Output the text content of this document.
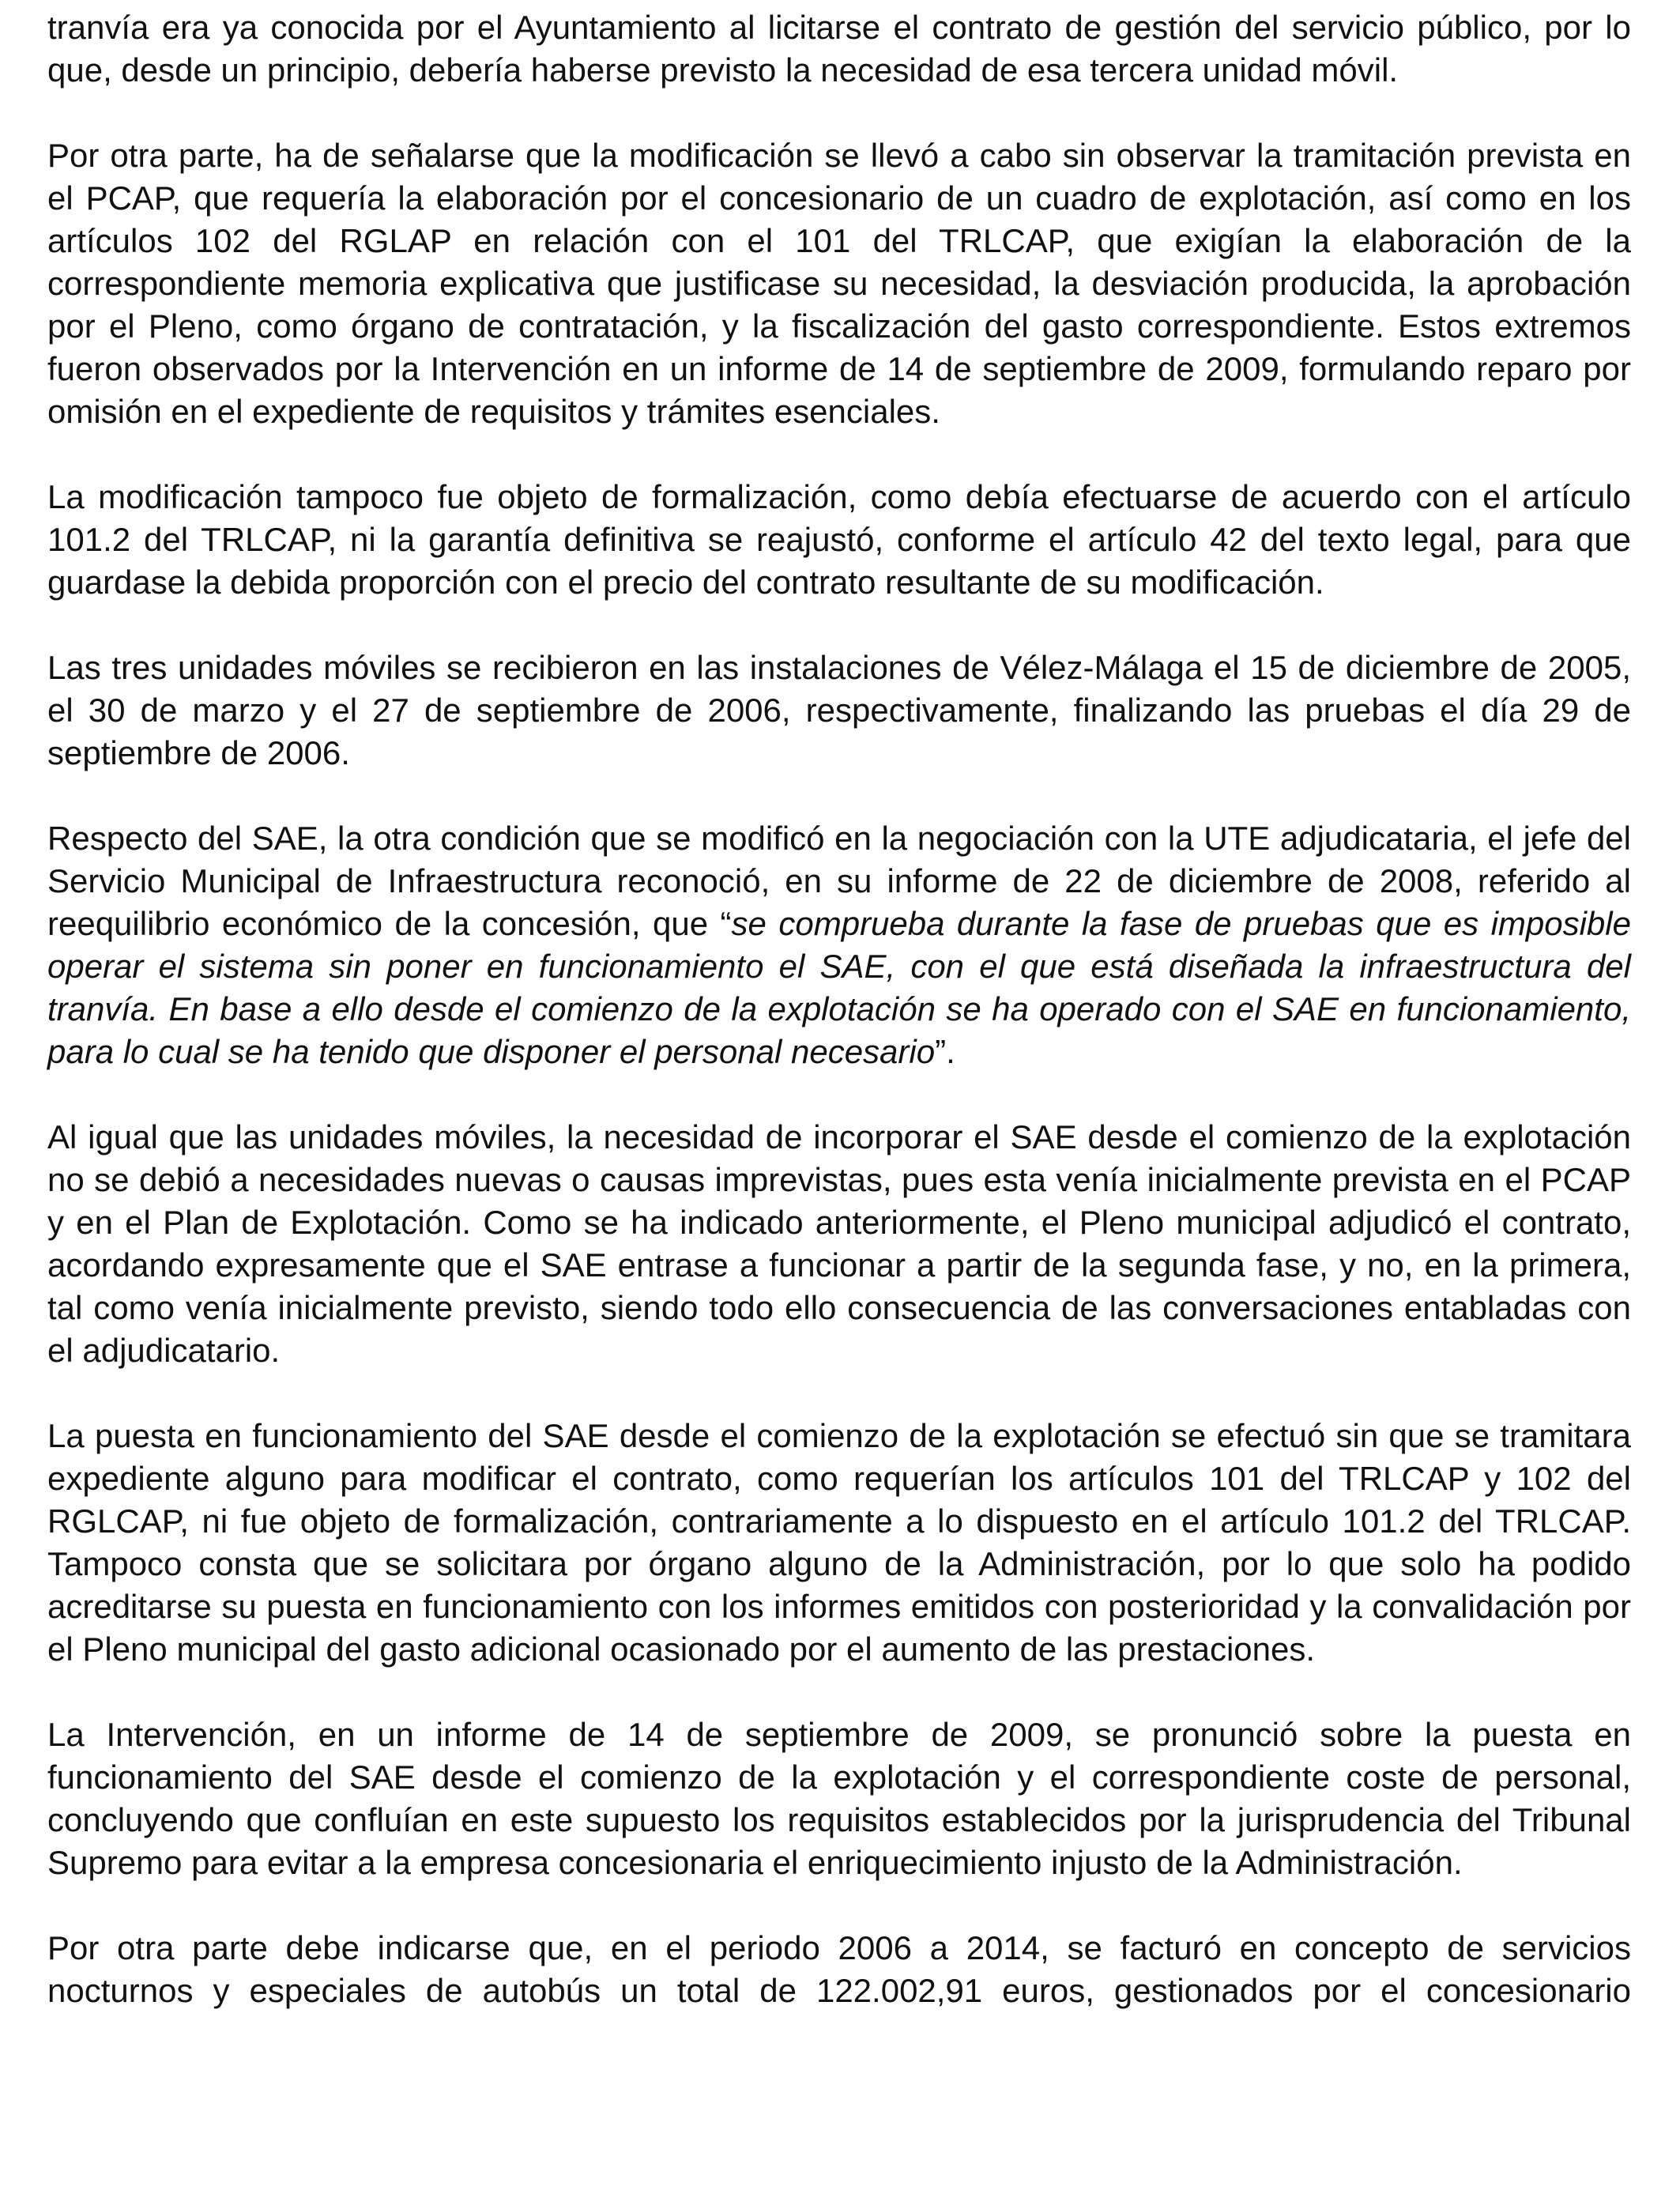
tranvía era ya conocida por el Ayuntamiento al licitarse el contrato de gestión del servicio público, por lo que, desde un principio, debería haberse previsto la necesidad de esa tercera unidad móvil.

Por otra parte, ha de señalarse que la modificación se llevó a cabo sin observar la tramitación prevista en el PCAP, que requería la elaboración por el concesionario de un cuadro de explotación, así como en los artículos 102 del RGLAP en relación con el 101 del TRLCAP, que exigían la elaboración de la correspondiente memoria explicativa que justificase su necesidad, la desviación producida, la aprobación por el Pleno, como órgano de contratación, y la fiscalización del gasto correspondiente. Estos extremos fueron observados por la Intervención en un informe de 14 de septiembre de 2009, formulando reparo por omisión en el expediente de requisitos y trámites esenciales.

La modificación tampoco fue objeto de formalización, como debía efectuarse de acuerdo con el artículo 101.2 del TRLCAP, ni la garantía definitiva se reajustó, conforme el artículo 42 del texto legal, para que guardase la debida proporción con el precio del contrato resultante de su modificación.

Las tres unidades móviles se recibieron en las instalaciones de Vélez-Málaga el 15 de diciembre de 2005, el 30 de marzo y el 27 de septiembre de 2006, respectivamente, finalizando las pruebas el día 29 de septiembre de 2006.

Respecto del SAE, la otra condición que se modificó en la negociación con la UTE adjudicataria, el jefe del Servicio Municipal de Infraestructura reconoció, en su informe de 22 de diciembre de 2008, referido al reequilibrio económico de la concesión, que “se comprueba durante la fase de pruebas que es imposible operar el sistema sin poner en funcionamiento el SAE, con el que está diseñada la infraestructura del tranvía. En base a ello desde el comienzo de la explotación se ha operado con el SAE en funcionamiento, para lo cual se ha tenido que disponer el personal necesario”.

Al igual que las unidades móviles, la necesidad de incorporar el SAE desde el comienzo de la explotación no se debió a necesidades nuevas o causas imprevistas, pues esta venía inicialmente prevista en el PCAP y en el Plan de Explotación. Como se ha indicado anteriormente, el Pleno municipal adjudicó el contrato, acordando expresamente que el SAE entrase a funcionar a partir de la segunda fase, y no, en la primera, tal como venía inicialmente previsto, siendo todo ello consecuencia de las conversaciones entabladas con el adjudicatario.

La puesta en funcionamiento del SAE desde el comienzo de la explotación se efectuó sin que se tramitara expediente alguno para modificar el contrato, como requerían los artículos 101 del TRLCAP y 102 del RGLCAP, ni fue objeto de formalización, contrariamente a lo dispuesto en el artículo 101.2 del TRLCAP. Tampoco consta que se solicitara por órgano alguno de la Administración, por lo que solo ha podido acreditarse su puesta en funcionamiento con los informes emitidos con posterioridad y la convalidación por el Pleno municipal del gasto adicional ocasionado por el aumento de las prestaciones.

La Intervención, en un informe de 14 de septiembre de 2009, se pronunció sobre la puesta en funcionamiento del SAE desde el comienzo de la explotación y el correspondiente coste de personal, concluyendo que confluían en este supuesto los requisitos establecidos por la jurisprudencia del Tribunal Supremo para evitar a la empresa concesionaria el enriquecimiento injusto de la Administración.

Por otra parte debe indicarse que, en el periodo 2006 a 2014, se facturó en concepto de servicios nocturnos y especiales de autobús un total de 122.002,91 euros, gestionados por el concesionario
